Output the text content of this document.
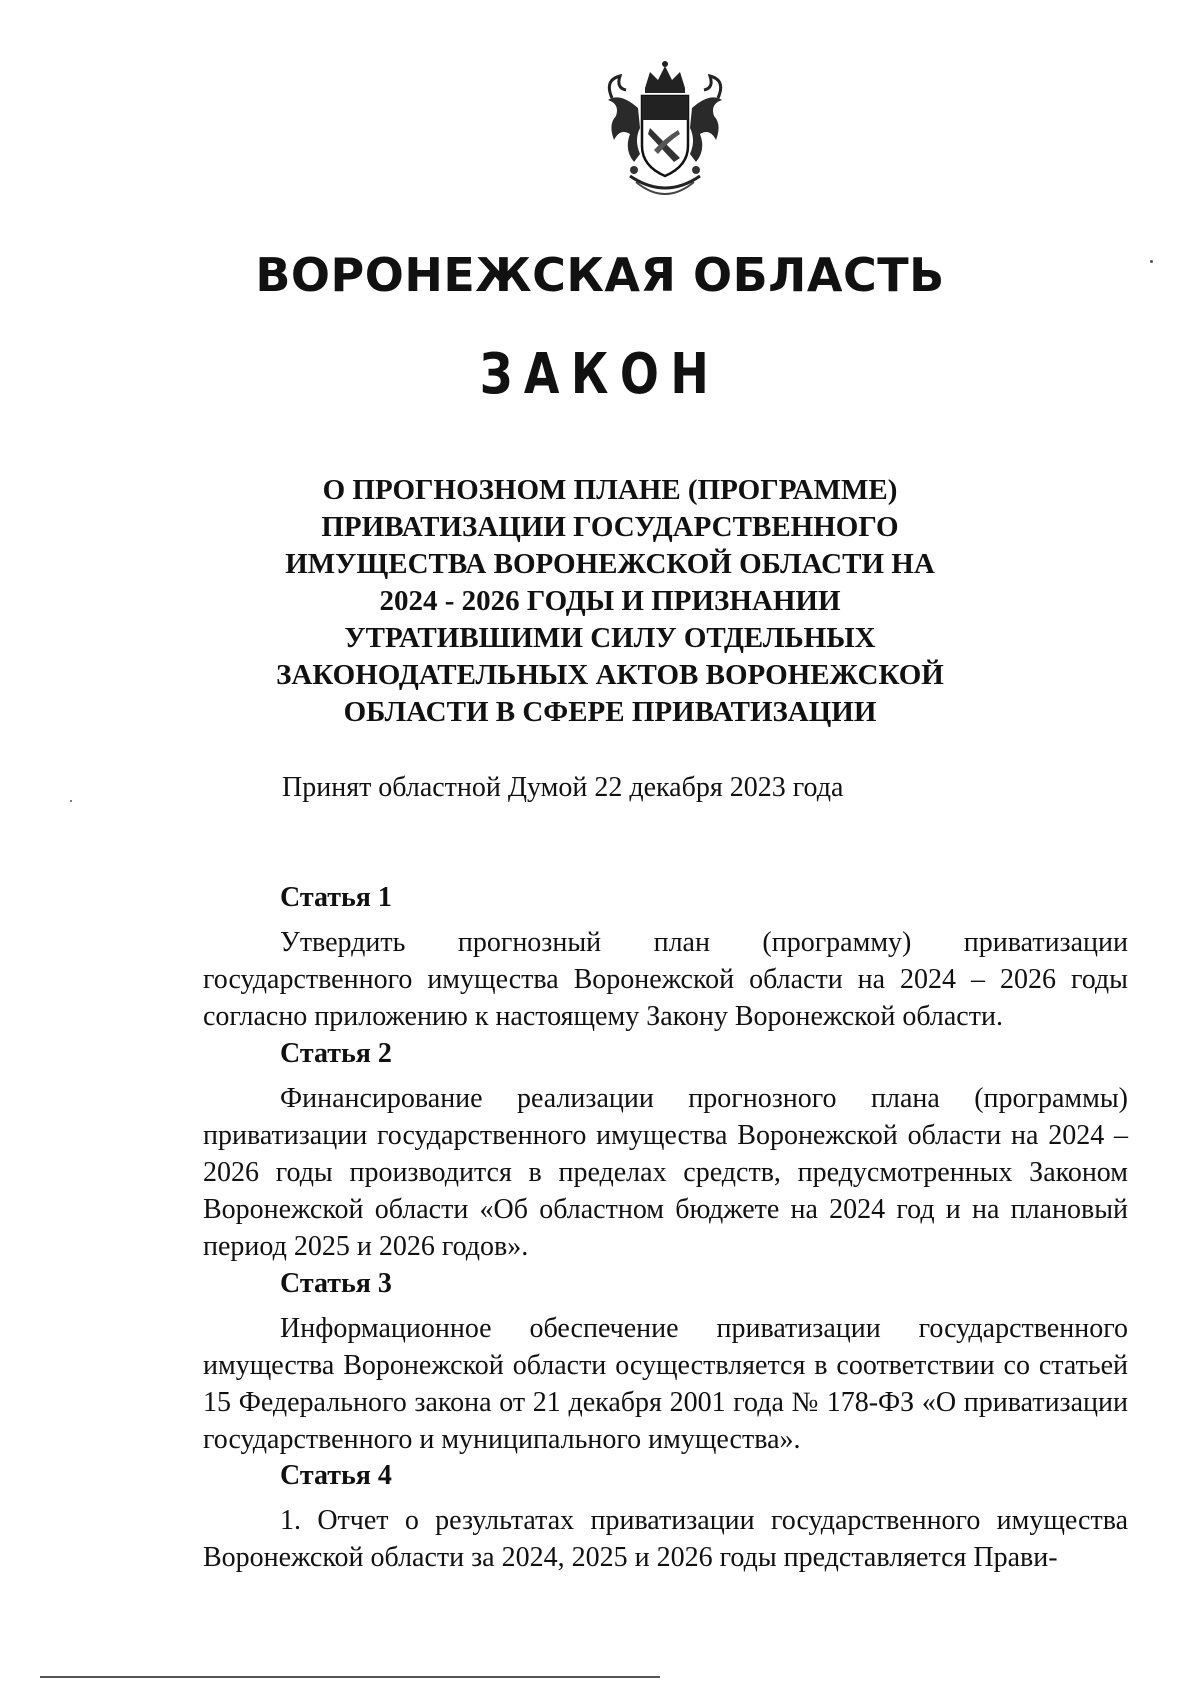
ВОРОНЕЖСКАЯ ОБЛАСТЬ
ЗАКОН
О ПРОГНОЗНОМ ПЛАНЕ (ПРОГРАММЕ)
ПРИВАТИЗАЦИИ ГОСУДАРСТВЕННОГО
ИМУЩЕСТВА ВОРОНЕЖСКОЙ ОБЛАСТИ НА
2024 - 2026 ГОДЫ И ПРИЗНАНИИ
УТРАТИВШИМИ СИЛУ ОТДЕЛЬНЫХ
ЗАКОНОДАТЕЛЬНЫХ АКТОВ ВОРОНЕЖСКОЙ
ОБЛАСТИ В СФЕРЕ ПРИВАТИЗАЦИИ
Принят областной Думой 22 декабря 2023 года
Статья 1

Утвердить прогнозный план (программу) приватизации государственного имущества Воронежской области на 2024 – 2026 годы согласно приложению к настоящему Закону Воронежской области.

Статья 2

Финансирование реализации прогнозного плана (программы) приватизации государственного имущества Воронежской области на 2024 – 2026 годы производится в пределах средств, предусмотренных Законом Воронежской области «Об областном бюджете на 2024 год и на плановый период 2025 и 2026 годов».

Статья 3

Информационное обеспечение приватизации государственного имущества Воронежской области осуществляется в соответствии со статьей 15 Федерального закона от 21 декабря 2001 года № 178-ФЗ «О приватизации государственного и муниципального имущества».

Статья 4

1. Отчет о результатах приватизации государственного имущества Воронежской области за 2024, 2025 и 2026 годы представляется Прави-
